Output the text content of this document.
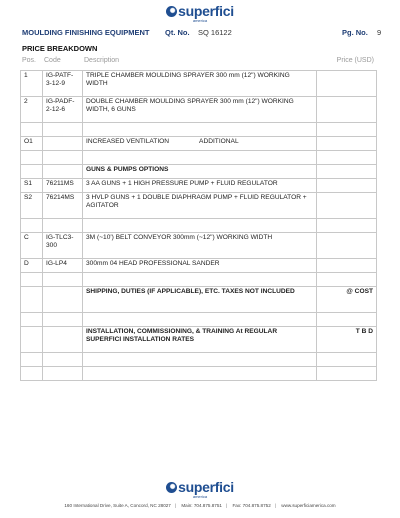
superfici
america
MOULDING FINISHING EQUIPMENT Qt. No. SQ 16122	Pg. No. 9
PRICE BREAKDOWN
Pos. Code	Description	Price (USD)
1	IG-PATF-3-12-9	TRIPLE CHAMBER MOULDING SPRAYER 300 mm (12") WORKING WIDTH	
2	IG-PADF-2-12-6	DOUBLE CHAMBER MOULDING SPRAYER 300 mm (12") WORKING WIDTH, 6 GUNS	

O1		INCREASED VENTILATION ADDITIONAL	

		GUNS & PUMPS OPTIONS	
S1	76211MS	3 AA GUNS + 1 HIGH PRESSURE PUMP + FLUID REGULATOR	
S2	76214MS	3 HVLP GUNS + 1 DOUBLE DIAPHRAGM PUMP + FLUID REGULATOR + AGITATOR	

C	IG-TLC3-300	3M (~10') BELT CONVEYOR 300mm (~12") WORKING WIDTH	
D	IG-LP4	300mm 04 HEAD PROFESSIONAL SANDER	

		SHIPPING, DUTIES (IF APPLICABLE), ETC. TAXES NOT INCLUDED	@ COST

		INSTALLATION, COMMISSIONING, & TRAINING At REGULAR SUPERFICI INSTALLATION RATES	T B D

superfici
america
160 International Drive, Suite A, Concord, NC 28027 | Main: 704.875.8751 | Fax: 704.875.8752 | www.superficiamerica.com
